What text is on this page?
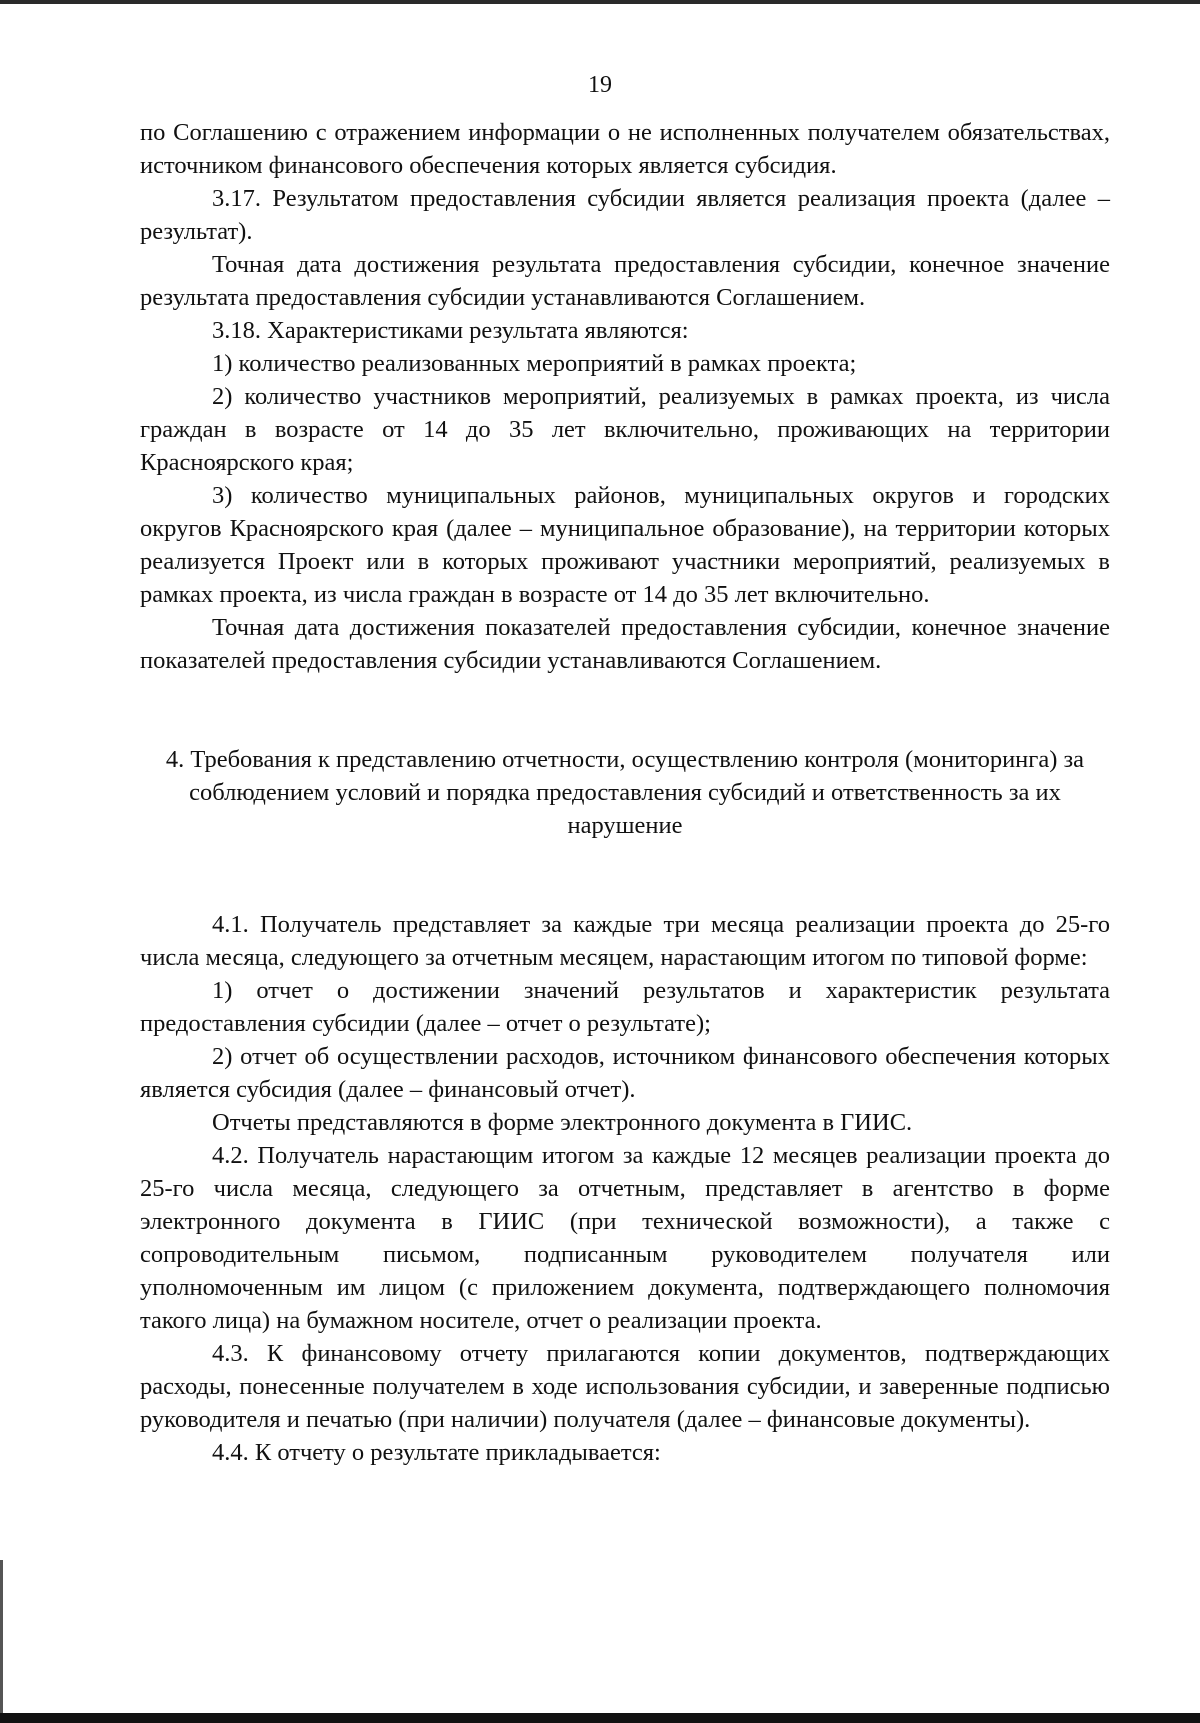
19

по Соглашению с отражением информации о не исполненных получателем обязательствах, источником финансового обеспечения которых является субсидия.

3.17. Результатом предоставления субсидии является реализация проекта (далее – результат).

Точная дата достижения результата предоставления субсидии, конечное значение результата предоставления субсидии устанавливаются Соглашением.

3.18. Характеристиками результата являются:

1) количество реализованных мероприятий в рамках проекта;

2) количество участников мероприятий, реализуемых в рамках проекта, из числа граждан в возрасте от 14 до 35 лет включительно, проживающих на территории Красноярского края;

3) количество муниципальных районов, муниципальных округов и городских округов Красноярского края (далее – муниципальное образование), на территории которых реализуется Проект или в которых проживают участники мероприятий, реализуемых в рамках проекта, из числа граждан в возрасте от 14 до 35 лет включительно.

Точная дата достижения показателей предоставления субсидии, конечное значение показателей предоставления субсидии устанавливаются Соглашением.

4. Требования к представлению отчетности, осуществлению контроля (мониторинга) за соблюдением условий и порядка предоставления субсидий и ответственность за их нарушение

4.1. Получатель представляет за каждые три месяца реализации проекта до 25-го числа месяца, следующего за отчетным месяцем, нарастающим итогом по типовой форме:

1) отчет о достижении значений результатов и характеристик результата предоставления субсидии (далее – отчет о результате);

2) отчет об осуществлении расходов, источником финансового обеспечения которых является субсидия (далее – финансовый отчет).

Отчеты представляются в форме электронного документа в ГИИС.

4.2. Получатель нарастающим итогом за каждые 12 месяцев реализации проекта до 25-го числа месяца, следующего за отчетным, представляет в агентство в форме электронного документа в ГИИС (при технической возможности), а также с сопроводительным письмом, подписанным руководителем получателя или уполномоченным им лицом (с приложением документа, подтверждающего полномочия такого лица) на бумажном носителе, отчет о реализации проекта.

4.3. К финансовому отчету прилагаются копии документов, подтверждающих расходы, понесенные получателем в ходе использования субсидии, и заверенные подписью руководителя и печатью (при наличии) получателя (далее – финансовые документы).

4.4. К отчету о результате прикладывается:
